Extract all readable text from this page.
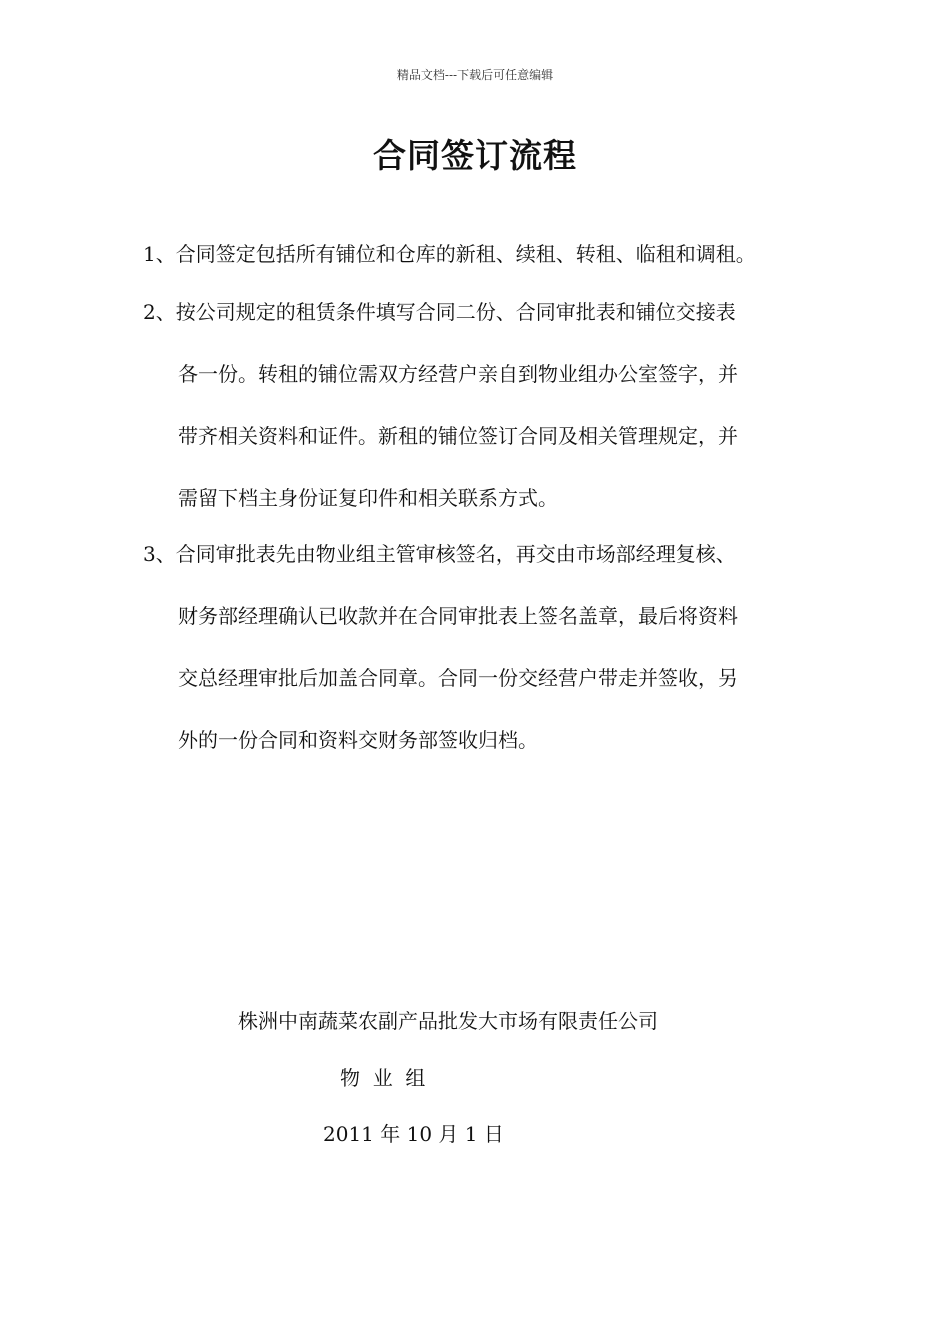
精品文档---下载后可任意编辑
合同签订流程
1、合同签定包括所有铺位和仓库的新租、续租、转租、临租和调租。
2、按公司规定的租赁条件填写合同二份、合同审批表和铺位交接表
各一份。转租的铺位需双方经营户亲自到物业组办公室签字，并
带齐相关资料和证件。新租的铺位签订合同及相关管理规定，并
需留下档主身份证复印件和相关联系方式。
3、合同审批表先由物业组主管审核签名，再交由市场部经理复核、
财务部经理确认已收款并在合同审批表上签名盖章，最后将资料
交总经理审批后加盖合同章。合同一份交经营户带走并签收，另
外的一份合同和资料交财务部签收归档。
株洲中南蔬菜农副产品批发大市场有限责任公司
物  业  组
2011 年 10 月 1 日
